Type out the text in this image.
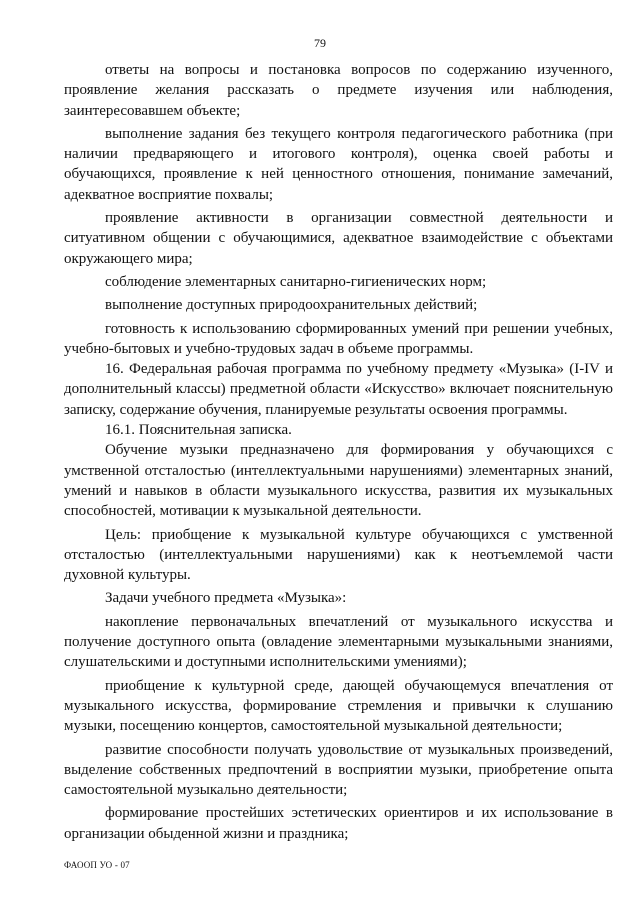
79

ответы на вопросы и постановка вопросов по содержанию изученного, проявление желания рассказать о предмете изучения или наблюдения, заинтересовавшем объекте;

выполнение задания без текущего контроля педагогического работника (при наличии предваряющего и итогового контроля), оценка своей работы и обучающихся, проявление к ней ценностного отношения, понимание замечаний, адекватное восприятие похвалы;

проявление активности в организации совместной деятельности и ситуативном общении с обучающимися, адекватное взаимодействие с объектами окружающего мира;

соблюдение элементарных санитарно-гигиенических норм;

выполнение доступных природоохранительных действий;

готовность к использованию сформированных умений при решении учебных, учебно-бытовых и учебно-трудовых задач в объеме программы.

16. Федеральная рабочая программа по учебному предмету «Музыка» (I-IV и дополнительный классы) предметной области «Искусство» включает пояснительную записку, содержание обучения, планируемые результаты освоения программы.

16.1. Пояснительная записка.

Обучение музыки предназначено для формирования у обучающихся с умственной отсталостью (интеллектуальными нарушениями) элементарных знаний, умений и навыков в области музыкального искусства, развития их музыкальных способностей, мотивации к музыкальной деятельности.

Цель: приобщение к музыкальной культуре обучающихся с умственной отсталостью (интеллектуальными нарушениями) как к неотъемлемой части духовной культуры.

Задачи учебного предмета «Музыка»:

накопление первоначальных впечатлений от музыкального искусства и получение доступного опыта (овладение элементарными музыкальными знаниями, слушательскими и доступными исполнительскими умениями);

приобщение к культурной среде, дающей обучающемуся впечатления от музыкального искусства, формирование стремления и привычки к слушанию музыки, посещению концертов, самостоятельной музыкальной деятельности;

развитие способности получать удовольствие от музыкальных произведений, выделение собственных предпочтений в восприятии музыки, приобретение опыта самостоятельной музыкально деятельности;

формирование простейших эстетических ориентиров и их использование в организации обыденной жизни и праздника;

ФАООП УО - 07
